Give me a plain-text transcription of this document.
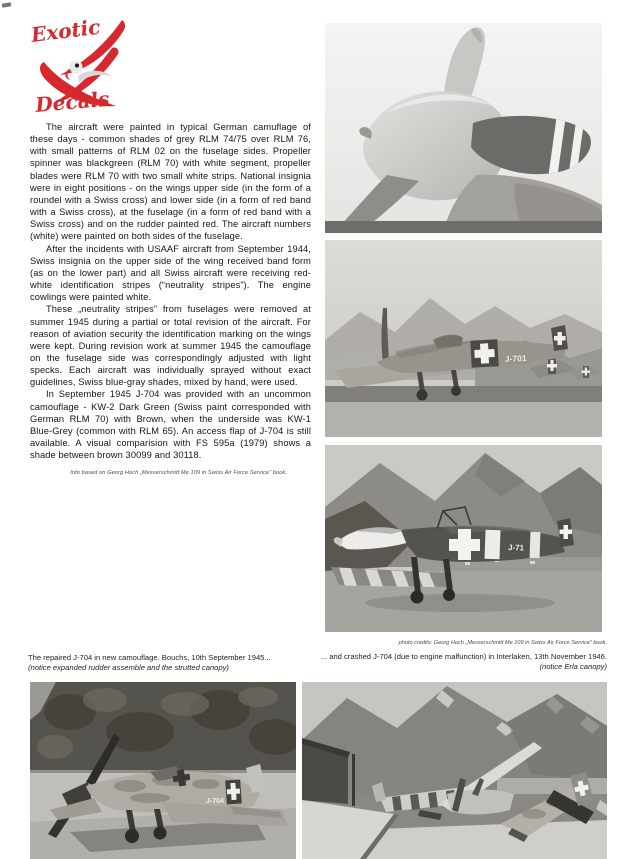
Exotic
Decals

The aircraft were painted in typical German camuflage of these days - common shades of grey RLM 74/75 over RLM 76, with small patterns of RLM 02 on the fuselage sides. Propeller spinner was blackgreen (RLM 70) with white segment, propeller blades were RLM 70 with two small white strips. National insignia were in eight positions - on the wings upper side (in the form of a roundel with a Swiss cross) and lower side (in a form of red band with a Swiss cross), at the fuselage (in a form of red band with a Swiss cross) and on the rudder painted red. The aircraft numbers (white) were painted on both sides of the fuselage.

After the incidents with USAAF aircraft from September 1944, Swiss insignia on the upper side of the wing received band form (as on the lower part) and all Swiss aircraft were receiving red-white identification stripes (“neutrality stripes”). The engine cowlings were painted white.

These „neutrality stripes” from fuselages were removed at summer 1945 during a partial or total revision of the aircraft. For reason of aviation security the identification marking on the wings were kept. During revision work at summer 1945 the camouflage on the fuselage side was correspondingly adjusted with light specks. Each aircraft was individually sprayed without exact guidelines, Swiss blue-gray shades, mixed by hand, were used.

In September 1945 J-704 was provided with an uncommon camouflage - KW-2 Dark Green (Swiss paint corresponded with German RLM 70) with Brown, when the underside was KW-1 Blue-Grey (common with RLM 65). An access flap of J-704 is still available. A visual comparision with FS 595a (1979) shows a shade between brown 30099 and 30118.

Info based on Georg Hoch „Messerschmitt Me 109 in Swiss Air Force Service” book.
J-701
J-71
photo credits: Georg Hoch „Messerschmitt Me 109 in Swiss Air Force Service” book.
The repaired J-704 in new camouflage. Bouchs, 10th September 1945...
(notice expanded rudder assemble and the strutted canopy)
... and crashed J-704 (due to engine malfunction) in Interlaken, 13th November 1946.
(notice Erla canopy)
J-704
